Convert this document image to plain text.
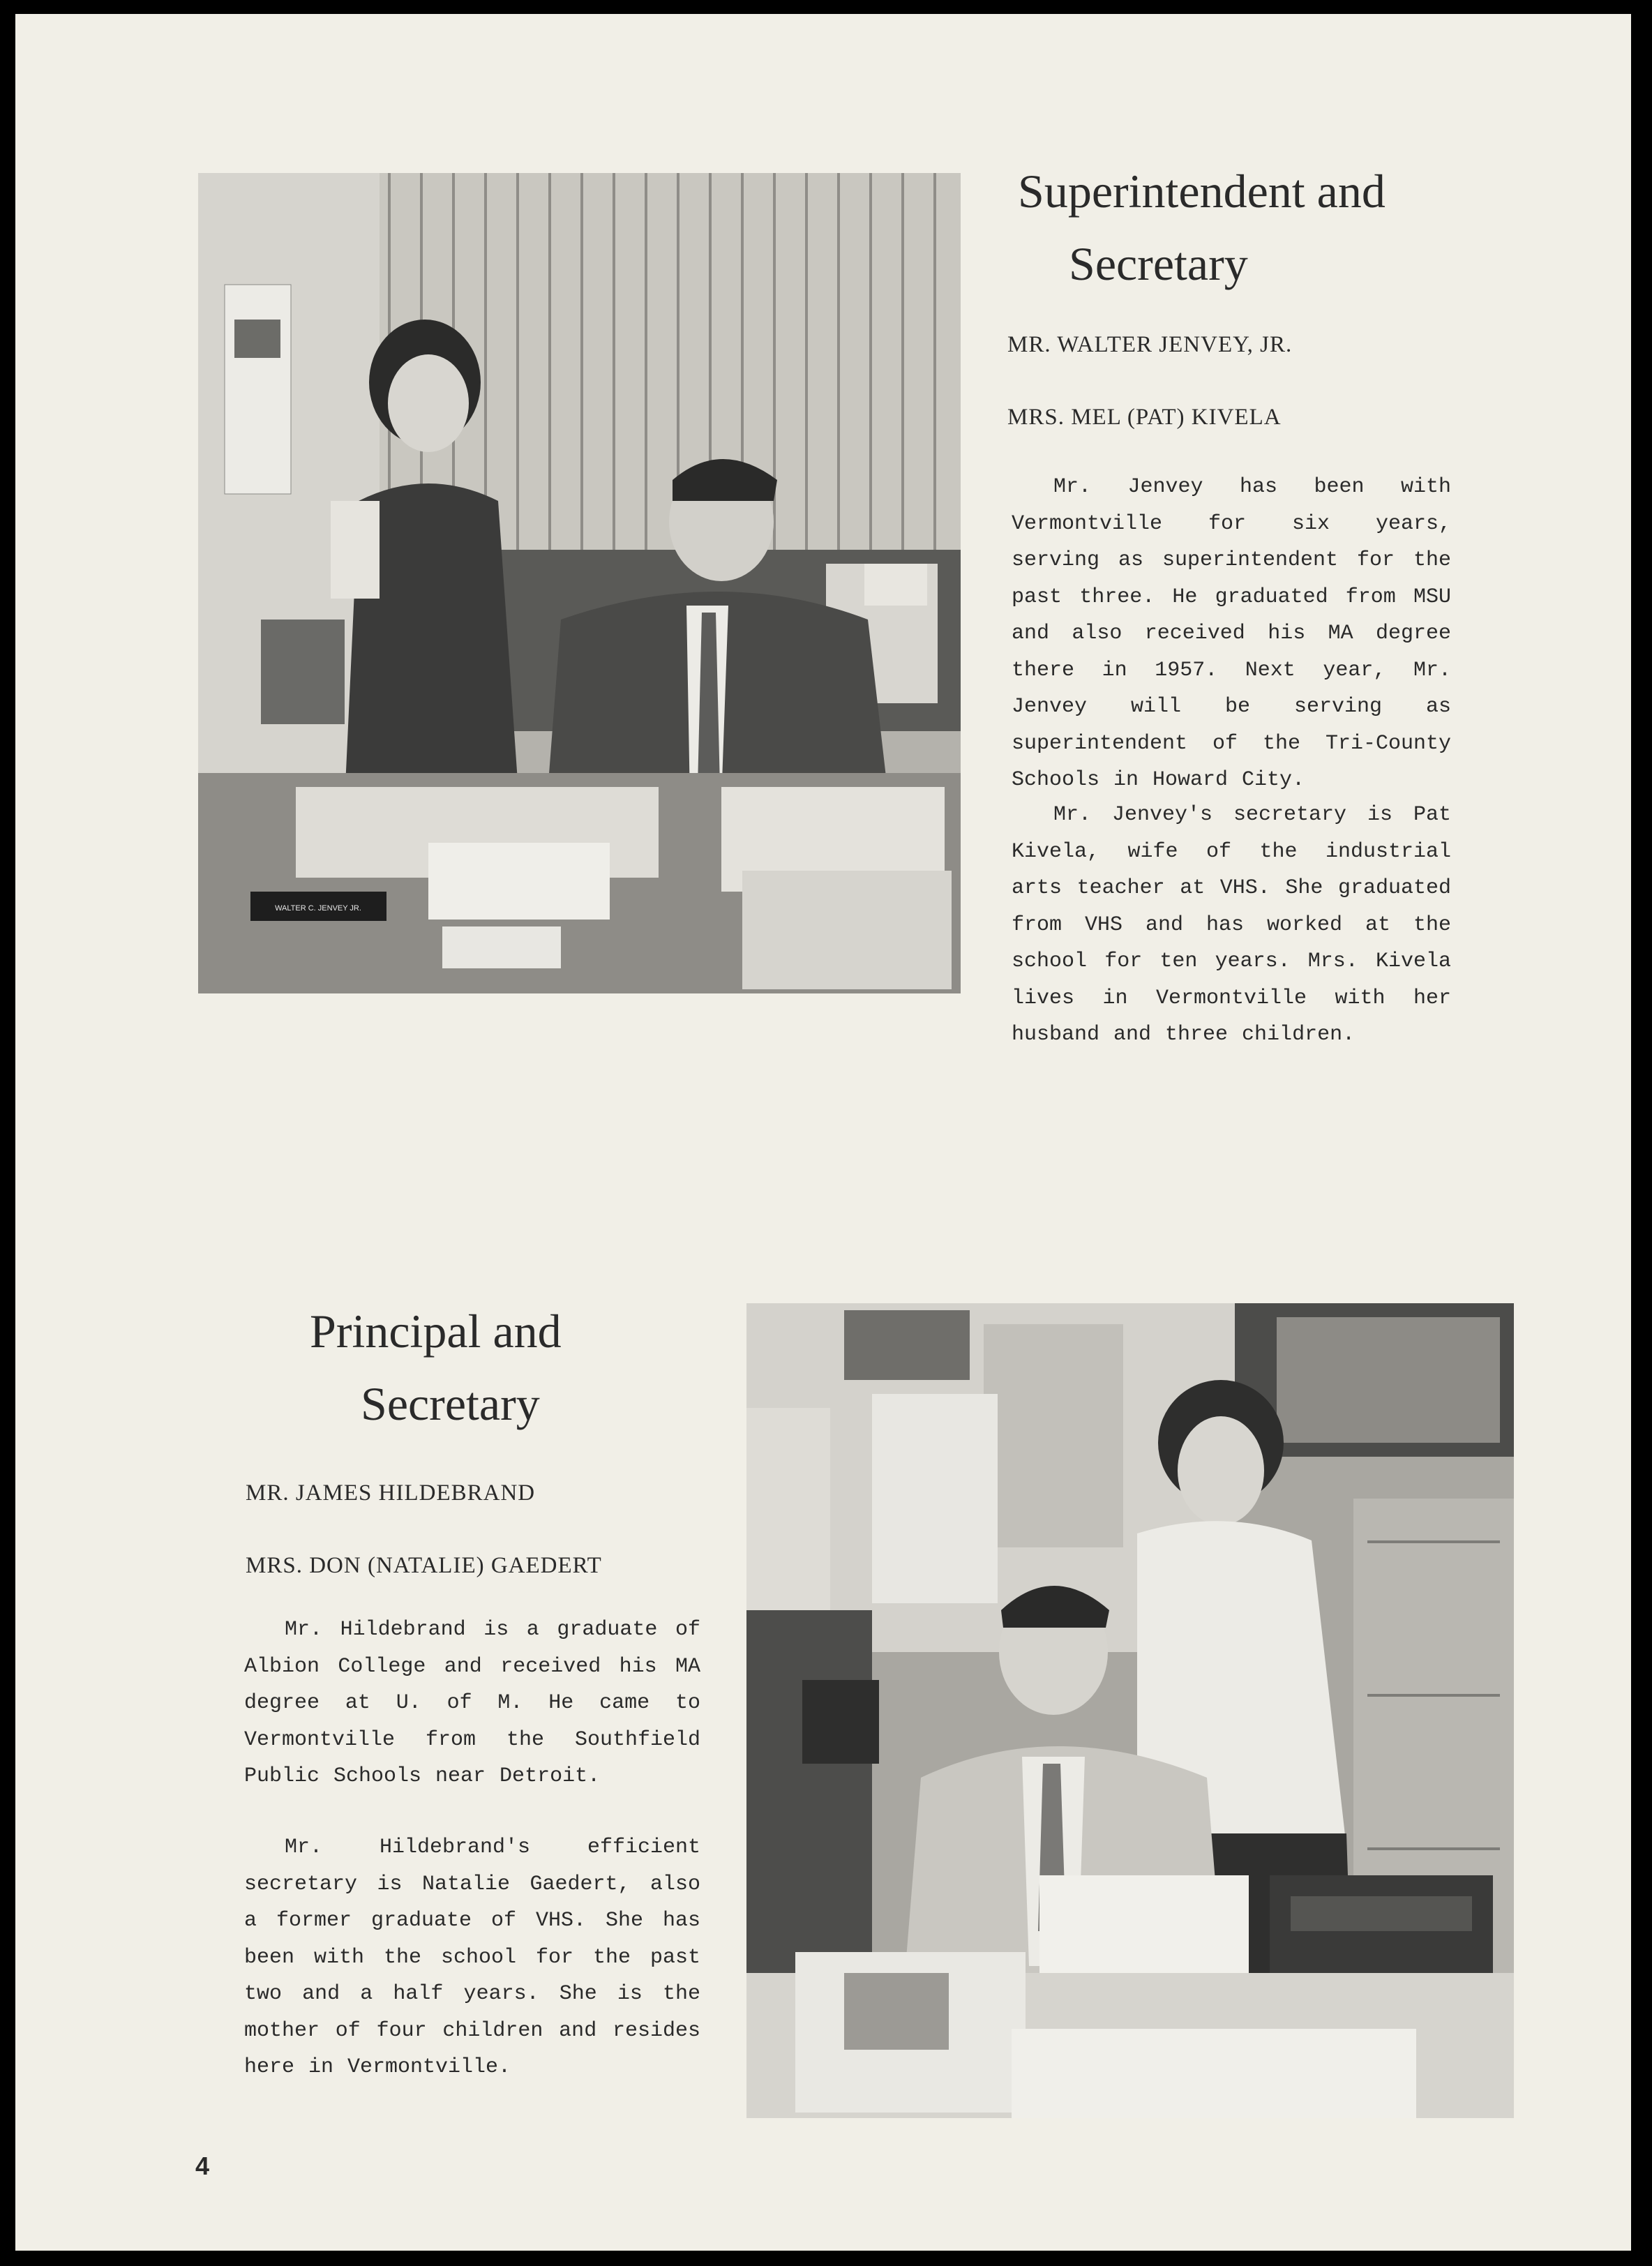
WALTER C. JENVEY JR.
Superintendent and
Secretary

MR. WALTER JENVEY, JR.

MRS. MEL (PAT) KIVELA

Mr. Jenvey has been with Vermontville for six years, serving as superintendent for the past three. He graduated from MSU and also received his MA degree there in 1957. Next year, Mr. Jenvey will be serving as superintendent of the Tri-County Schools in Howard City.

Mr. Jenvey's secretary is Pat Kivela, wife of the industrial arts teacher at VHS. She graduated from VHS and has worked at the school for ten years. Mrs. Kivela lives in Vermontville with her husband and three children.

Principal and
Secretary

MR. JAMES HILDEBRAND

MRS. DON (NATALIE) GAEDERT

Mr. Hildebrand is a graduate of Albion College and received his MA degree at U. of M. He came to Vermontville from the Southfield Public Schools near Detroit.

Mr. Hildebrand's efficient secretary is Natalie Gaedert, also a former graduate of VHS. She has been with the school for the past two and a half years. She is the mother of four children and resides here in Vermontville.

4
